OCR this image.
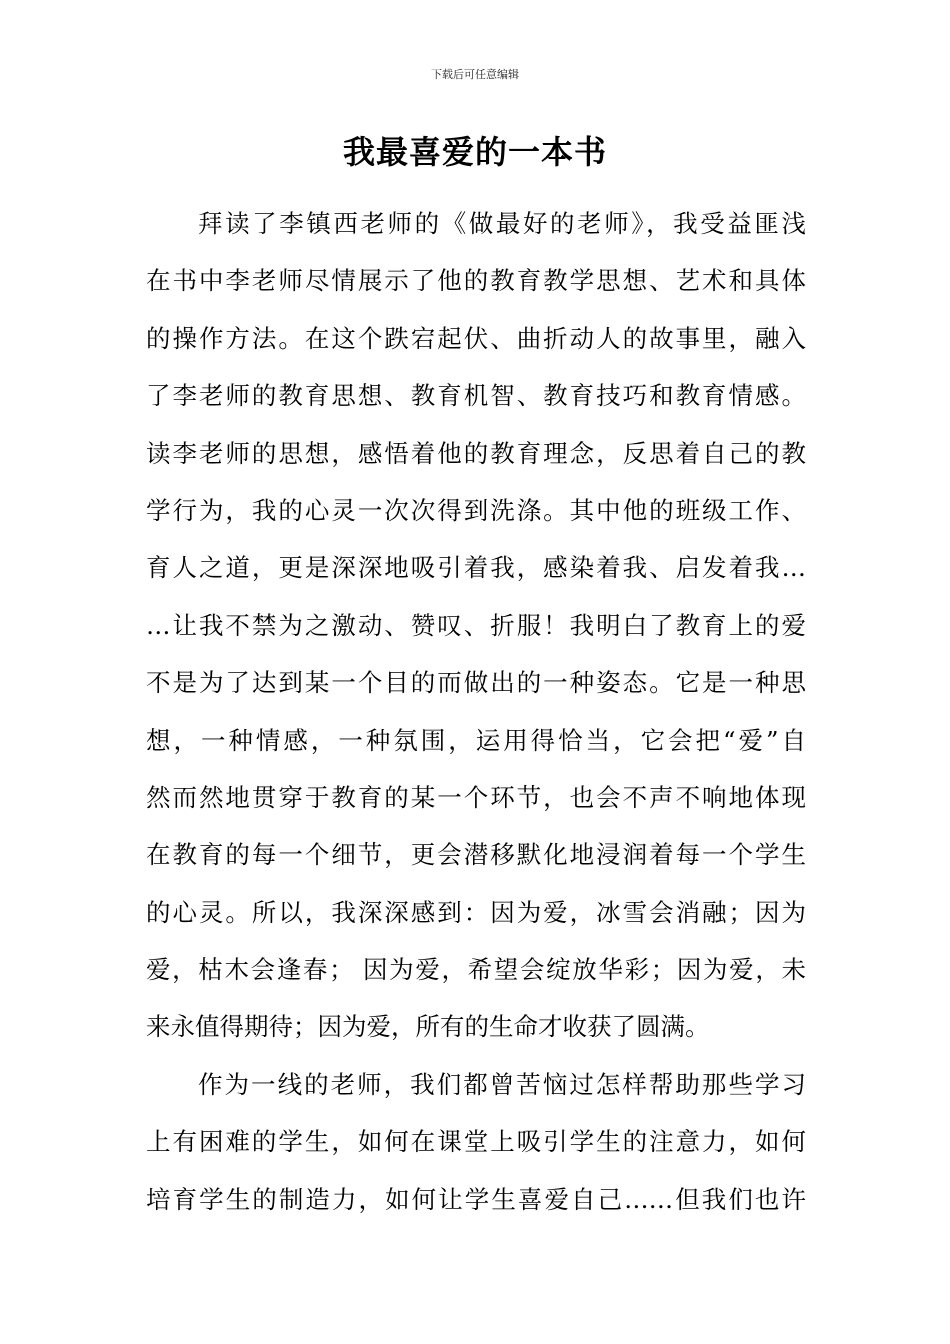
下载后可任意编辑
我最喜爱的一本书
拜读了李镇西老师的《做最好的老师》，我受益匪浅
在书中李老师尽情展示了他的教育教学思想、艺术和具体
的操作方法。在这个跌宕起伏、曲折动人的故事里，融入
了李老师的教育思想、教育机智、教育技巧和教育情感。
读李老师的思想，感悟着他的教育理念，反思着自己的教
学行为，我的心灵一次次得到洗涤。其中他的班级工作、
育人之道，更是深深地吸引着我，感染着我、启发着我…
…让我不禁为之激动、赞叹、折服！我明白了教育上的爱
不是为了达到某一个目的而做出的一种姿态。它是一种思
想，一种情感，一种氛围，运用得恰当，它会把“爱”自
然而然地贯穿于教育的某一个环节，也会不声不响地体现
在教育的每一个细节，更会潜移默化地浸润着每一个学生
的心灵。所以，我深深感到：因为爱，冰雪会消融；因为
爱，枯木会逢春； 因为爱，希望会绽放华彩；因为爱，未
来永值得期待；因为爱，所有的生命才收获了圆满。
作为一线的老师，我们都曾苦恼过怎样帮助那些学习
上有困难的学生，如何在课堂上吸引学生的注意力，如何
培育学生的制造力，如何让学生喜爱自己……但我们也许
